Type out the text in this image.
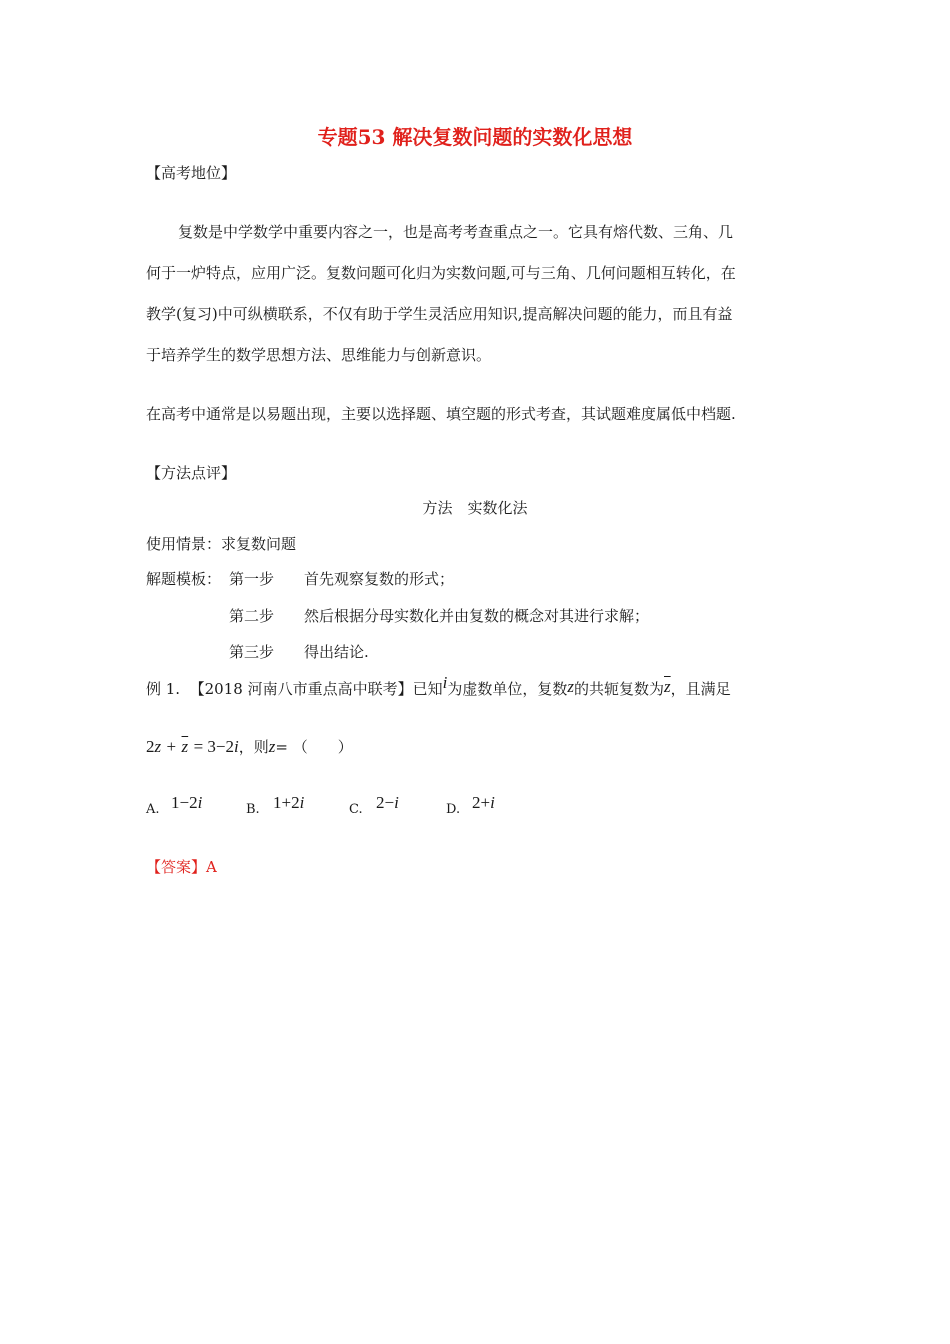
专题53 解决复数问题的实数化思想
【高考地位】
复数是中学数学中重要内容之一，也是高考考查重点之一。它具有熔代数、三角、几
何于一炉特点，应用广泛。复数问题可化归为实数问题,可与三角、几何问题相互转化，在
教学(复习)中可纵横联系，不仅有助于学生灵活应用知识,提高解决问题的能力，而且有益
于培养学生的数学思想方法、思维能力与创新意识。
在高考中通常是以易题出现，主要以选择题、填空题的形式考查，其试题难度属低中档题.
【方法点评】
方法　实数化法
使用情景：求复数问题
解题模板： 第一步 首先观察复数的形式；
第二步 然后根据分母实数化并由复数的概念对其进行求解；
第三步 得出结论.
例 1. 【2018 河南八市重点高中联考】已知i为虚数单位，复数z的共轭复数为$\overline{z}$，且满足
$2z + \overline{z} = 3-2i$，则z= （　　）
A. 1−2i	B. 1+2i	C. 2−i	D. 2+i
【答案】A
